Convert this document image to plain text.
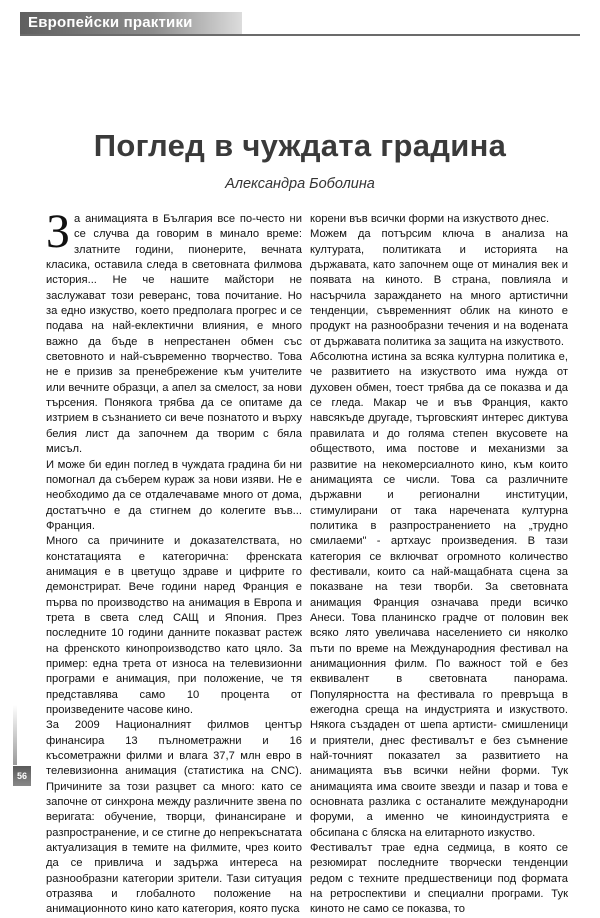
Европейски практики
Поглед в чуждата градина
Александра Боболина

За анимацията в България все по-често ни се случва да говорим в минало време: златните години, пионерите, вечната класика, оставила следа в световната филмова история... Не че нашите майстори не заслужават този реверанс, това почитание. Но за едно изкуство, което предполага прогрес и се подава на най-еклектични влияния, е много важно да бъде в непрестанен обмен със световното и най-съвременно творчество. Това не е призив за пренебрежение към учителите или вечните образци, а апел за смелост, за нови търсения. Понякога трябва да се опитаме да изтрием в съзнанието си вече познатото и върху белия лист да започнем да творим с бяла мисъл.

И може би един поглед в чуждата градина би ни помогнал да съберем кураж за нови изяви. Не е необходимо да се отдалечаваме много от дома, достатъчно е да стигнем до колегите във... Франция.

Много са причините и доказателствата, но констатацията е категорична: френската анимация е в цветущо здраве и цифрите го демонстрират. Вече години наред Франция е първа по производство на анимация в Европа и трета в света след САЩ и Япония. През последните 10 години данните показват растеж на френското кинопроизводство като цяло. За пример: една трета от износа на телевизионни програми е анимация, при положение, че тя представлява само 10 процента от произведените часове кино.

За 2009 Националният филмов център финансира 13 пълнометражни и 16 късометражни филми и влага 37,7 млн евро в телевизионна анимация (статистика на CNC). Причините за този разцвет са много: като се започне от синхрона между различните звена по веригата: обучение, творци, финансиране и разпространение, и се стигне до непрекъснатата актуализация в темите на филмите, чрез които да се привлича и задържа интереса на разнообразни категории зрители. Тази ситуация отразява и глобалното положение на анимационното кино като категория, която пуска

корени във всички форми на изкуството днес.

Можем да потърсим ключа в анализа на културата, политиката и историята на държавата, като започнем още от миналия век и появата на киното. В страна, повлияла и насърчила зараждането на много артистични тенденции, съвременният облик на киното е продукт на разнообразни течения и на водената от държавата политика за защита на изкуството.

Абсолютна истина за всяка културна политика е, че развитието на изкуството има нужда от духовен обмен, тоест трябва да се показва и да се гледа. Макар че и във Франция, както навсякъде другаде, търговският интерес диктува правилата и до голяма степен вкусовете на обществото, има постове и механизми за развитие на некомерсиалното кино, към които анимацията се числи. Това са различните държавни и регионални институции, стимулирани от така наречената културна политика в разпространението на „трудно смилаеми" - артхаус произведения. В тази категория се включват огромното количество фестивали, които са най-мащабната сцена за показване на тези творби. За световната анимация Франция означава преди всичко Анеси. Това планинско градче от половин век всяко лято увеличава населението си няколко пъти по време на Международния фестивал на анимационния филм. По важност той е без еквивалент в световната панорама. Популярността на фестивала го превръща в ежегодна среща на индустрията и изкуството. Някога създаден от шепа артисти- смишленици и приятели, днес фестивалът е без съмнение най-точният показател за развитието на анимацията във всички нейни форми. Тук анимацията има своите звезди и пазар и това е основната разлика с останалите международни форуми, а именно че киноиндустрията е обсипана с бляска на елитарното изкуство.

Фестивалът трае една седмица, в която се резюмират последните творчески тенденции редом с техните предшественици под формата на ретроспективи и специални програми. Тук киното не само се показва, то

56
